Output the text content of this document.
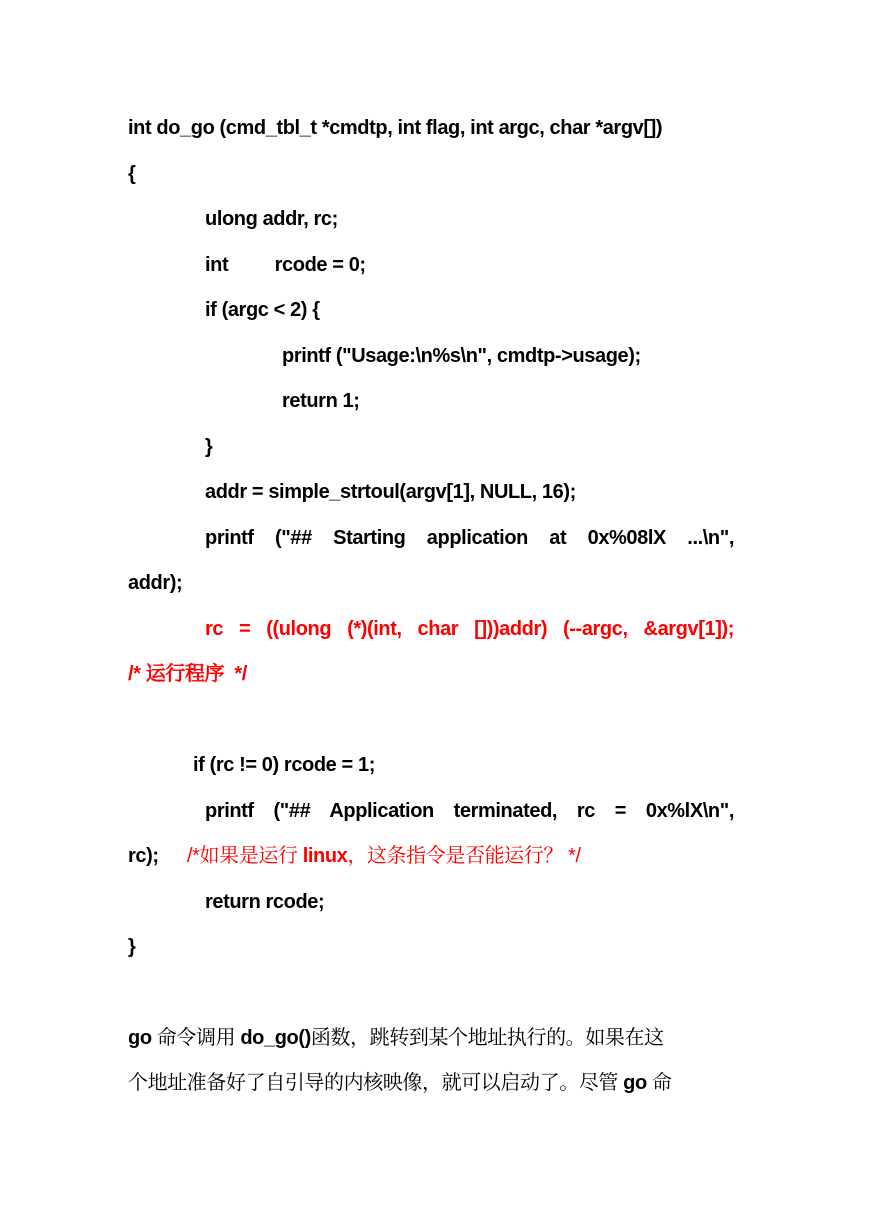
int do_go (cmd_tbl_t *cmdtp, int flag, int argc, char *argv[])
{
ulong addr, rc;
int         rcode = 0;
if (argc < 2) {
printf ("Usage:\n%s\n", cmdtp->usage);
return 1;
}
addr = simple_strtoul(argv[1], NULL, 16);
printf  ("##  Starting  application  at  0x%08lX  ...\n",
addr);
rc  =  ((ulong  (*)(int,  char  []))addr)  (--argc,  &argv[1]);
/* 运行程序  */
if (rc != 0) rcode = 1;
printf  ("##  Application  terminated,  rc  =  0x%lX\n",
rc); /*如果是运行 linux，这条指令是否能运行？ */
return rcode;
}
go 命令调用 do_go()函数，跳转到某个地址执行的。如果在这
个地址准备好了自引导的内核映像，就可以启动了。尽管 go 命
